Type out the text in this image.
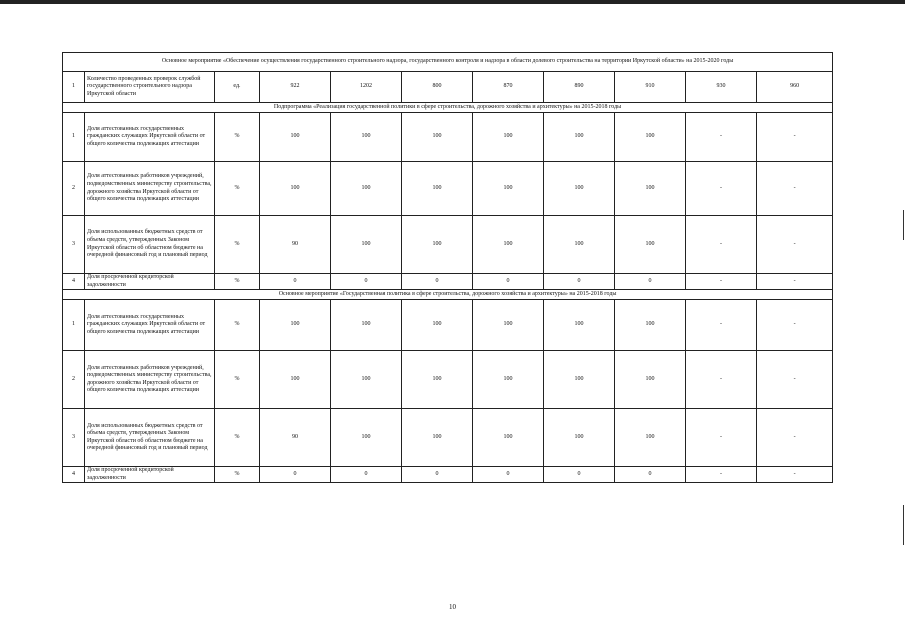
Основное мероприятие «Обеспечение осуществления государственного строительного надзора, государственного контроля и надзора в области долевого строительства на территории Иркутской области» на 2015-2020 годы										
1	Количество проведенных проверок службой государственного строительного надзора Иркутской области	ед.	922	1202	800	870	890	910	930	960
Подпрограмма «Реализация государственной политики в сфере строительства, дорожного хозяйства и архитектуры» на 2015-2018 годы										
1	Доля аттестованных государственных гражданских служащих Иркутской области от общего количества подлежащих аттестации	%	100	100	100	100	100	100	-	-
2	Доля аттестованных работников учреждений, подведомственных министерству строительства, дорожного хозяйства Иркутской области от общего количества подлежащих аттестации	%	100	100	100	100	100	100	-	-
3	Доля использованных бюджетных средств от объема средств, утвержденных Законом Иркутской области об областном бюджете на очередной финансовый год и плановый период	%	90	100	100	100	100	100	-	-
4	Доля просроченной кредиторской задолженности	%	0	0	0	0	0	0	-	-
Основное мероприятие «Государственная политика в сфере строительства, дорожного хозяйства и архитектуры» на 2015-2018 годы										
1	Доля аттестованных государственных гражданских служащих Иркутской области от общего количества подлежащих аттестации	%	100	100	100	100	100	100	-	-
2	Доля аттестованных работников учреждений, подведомственных министерству строительства, дорожного хозяйства Иркутской области от общего количества подлежащих аттестации	%	100	100	100	100	100	100	-	-
3	Доля использованных бюджетных средств от объема средств, утвержденных Законом Иркутской области об областном бюджете на очередной финансовый год и плановый период	%	90	100	100	100	100	100	-	-
4	Доля просроченной кредиторской задолженности	%	0	0	0	0	0	0	-	-
10
